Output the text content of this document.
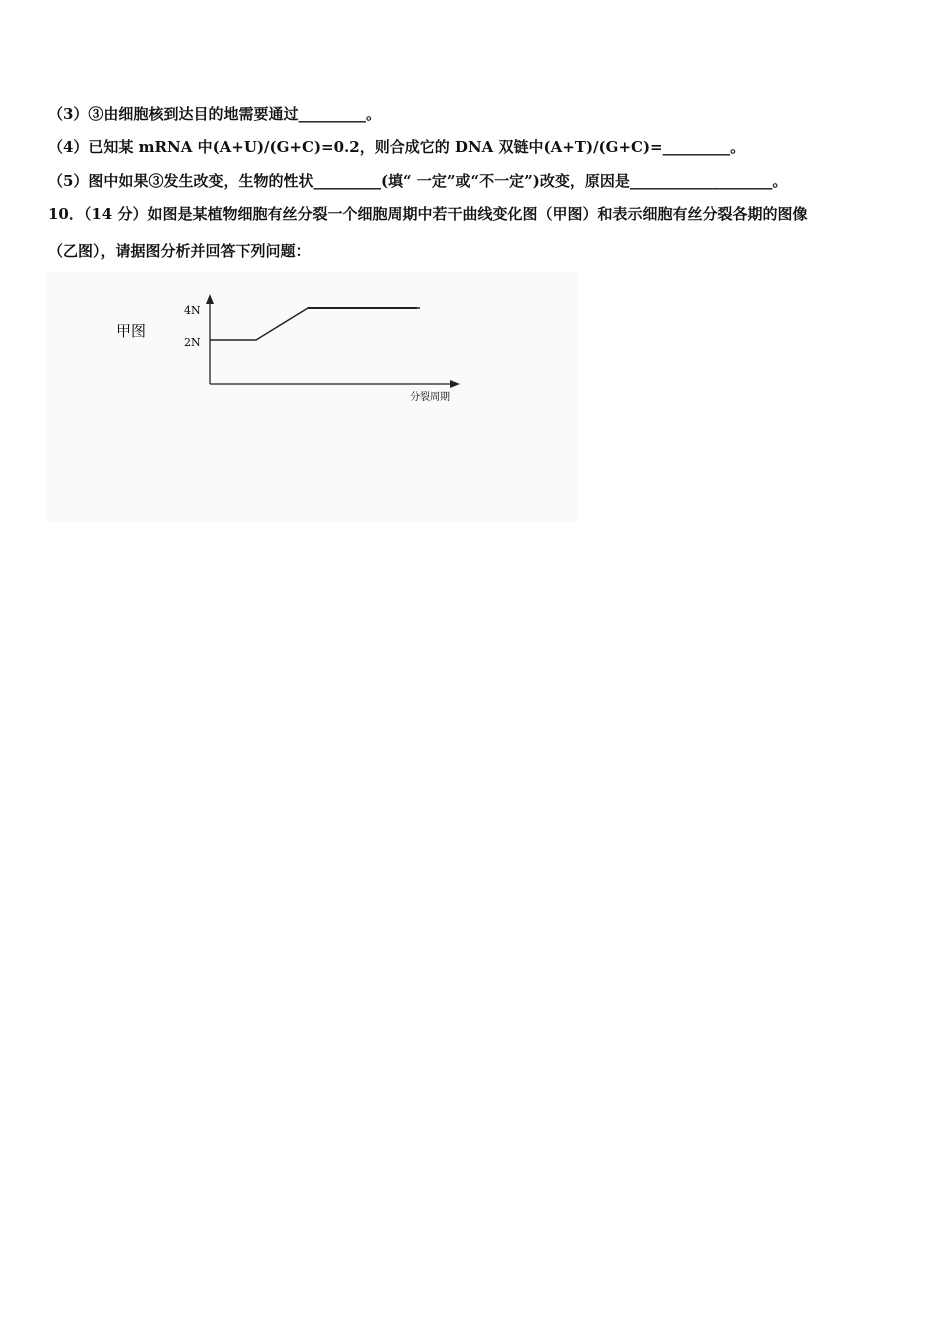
（3）③由细胞核到达目的地需要通过_________。
（4）已知某 mRNA 中(A+U)/(G+C)=0.2，则合成它的 DNA 双链中(A+T)/(G+C)=_________。
（5）图中如果③发生改变，生物的性状_________(填“ 一定”或“不一定”)改变，原因是___________________。
10．（14 分）如图是某植物细胞有丝分裂一个细胞周期中若干曲线变化图（甲图）和表示细胞有丝分裂各期的图像
（乙图），请据图分析并回答下列问题：
甲图
4N
2N
分裂周期
